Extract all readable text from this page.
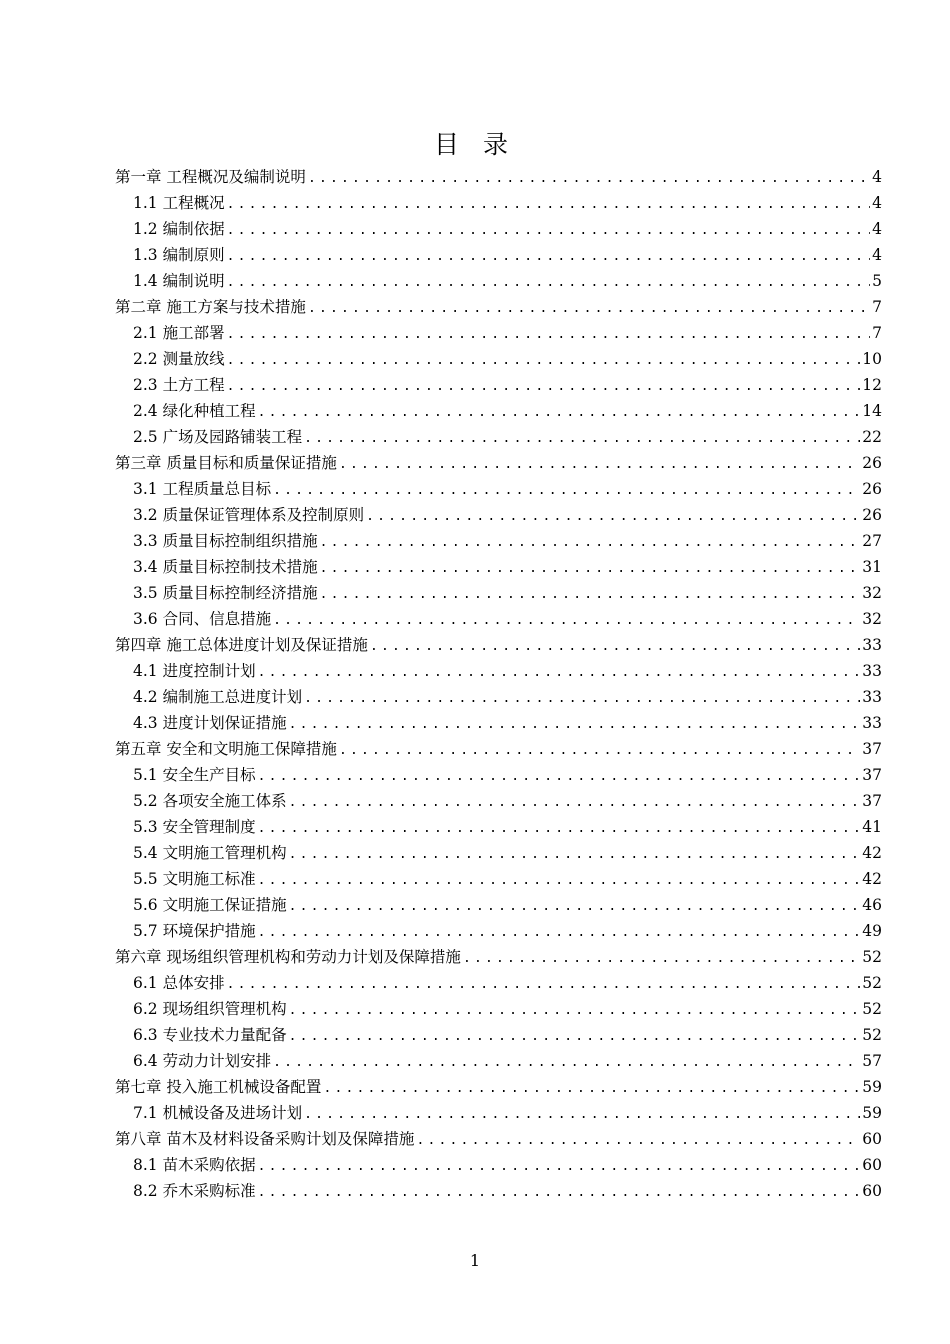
目 录
第一章 工程概况及编制说明 .....	4
1.1 工程概况 .....	4
1.2 编制依据 .....	4
1.3 编制原则 .....	4
1.4 编制说明 .....	5
第二章 施工方案与技术措施 .....	7
2.1 施工部署 .....	7
2.2 测量放线 .....	10
2.3 土方工程 .....	12
2.4 绿化种植工程 .....	14
2.5 广场及园路铺装工程 .....	22
第三章 质量目标和质量保证措施 .....	26
3.1 工程质量总目标 .....	26
3.2 质量保证管理体系及控制原则 .....	26
3.3 质量目标控制组织措施 .....	27
3.4 质量目标控制技术措施 .....	31
3.5 质量目标控制经济措施 .....	32
3.6 合同、信息措施 .....	32
第四章 施工总体进度计划及保证措施 .....	33
4.1 进度控制计划 .....	33
4.2 编制施工总进度计划 .....	33
4.3 进度计划保证措施 .....	33
第五章 安全和文明施工保障措施 .....	37
5.1 安全生产目标 .....	37
5.2 各项安全施工体系 .....	37
5.3 安全管理制度 .....	41
5.4 文明施工管理机构 .....	42
5.5 文明施工标准 .....	42
5.6 文明施工保证措施 .....	46
5.7 环境保护措施 .....	49
第六章 现场组织管理机构和劳动力计划及保障措施 .....	52
6.1 总体安排 .....	52
6.2 现场组织管理机构 .....	52
6.3 专业技术力量配备 .....	52
6.4 劳动力计划安排 .....	57
第七章 投入施工机械设备配置 .....	59
7.1 机械设备及进场计划 .....	59
第八章 苗木及材料设备采购计划及保障措施 .....	60
8.1 苗木采购依据 .....	60
8.2 乔木采购标准 .....	60
1
